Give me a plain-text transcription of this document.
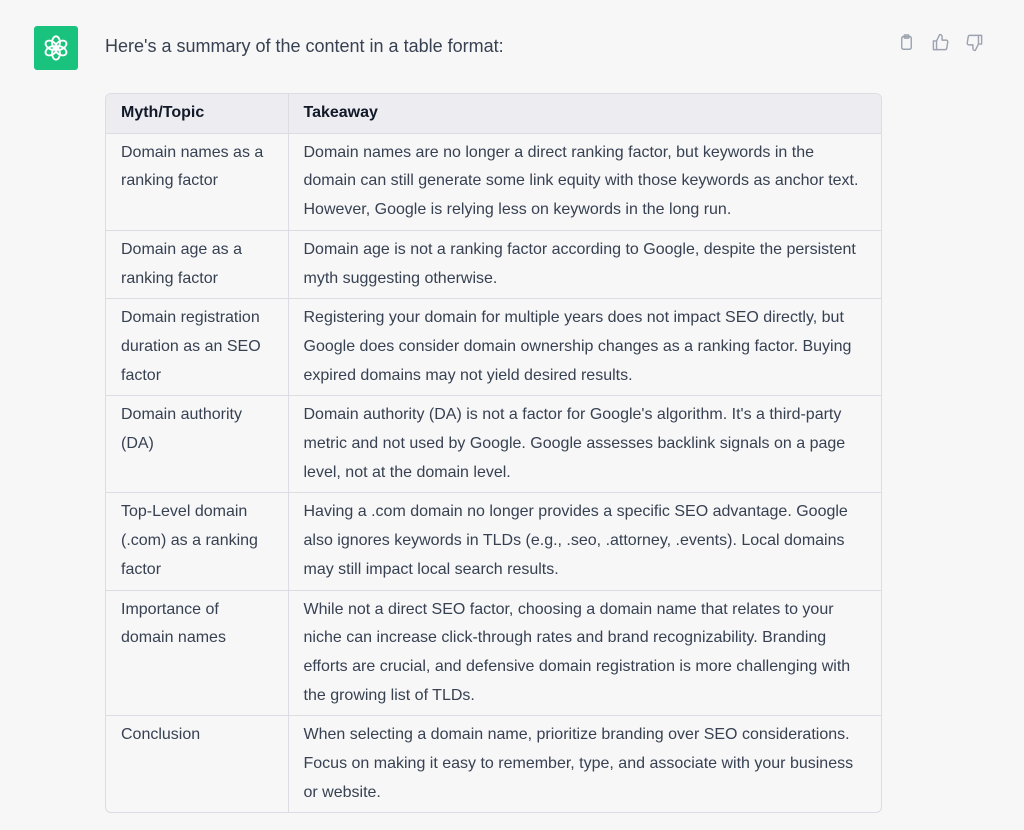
Here's a summary of the content in a table format:
Myth/Topic	Takeaway
Domain names as a ranking factor	Domain names are no longer a direct ranking factor, but keywords in the domain can still generate some link equity with those keywords as anchor text. However, Google is relying less on keywords in the long run.
Domain age as a ranking factor	Domain age is not a ranking factor according to Google, despite the persistent myth suggesting otherwise.
Domain registration duration as an SEO factor	Registering your domain for multiple years does not impact SEO directly, but Google does consider domain ownership changes as a ranking factor. Buying expired domains may not yield desired results.
Domain authority (DA)	Domain authority (DA) is not a factor for Google's algorithm. It's a third-party metric and not used by Google. Google assesses backlink signals on a page level, not at the domain level.
Top-Level domain (.com) as a ranking factor	Having a .com domain no longer provides a specific SEO advantage. Google also ignores keywords in TLDs (e.g., .seo, .attorney, .events). Local domains may still impact local search results.
Importance of domain names	While not a direct SEO factor, choosing a domain name that relates to your niche can increase click-through rates and brand recognizability. Branding efforts are crucial, and defensive domain registration is more challenging with the growing list of TLDs.
Conclusion	When selecting a domain name, prioritize branding over SEO considerations. Focus on making it easy to remember, type, and associate with your business or website.
